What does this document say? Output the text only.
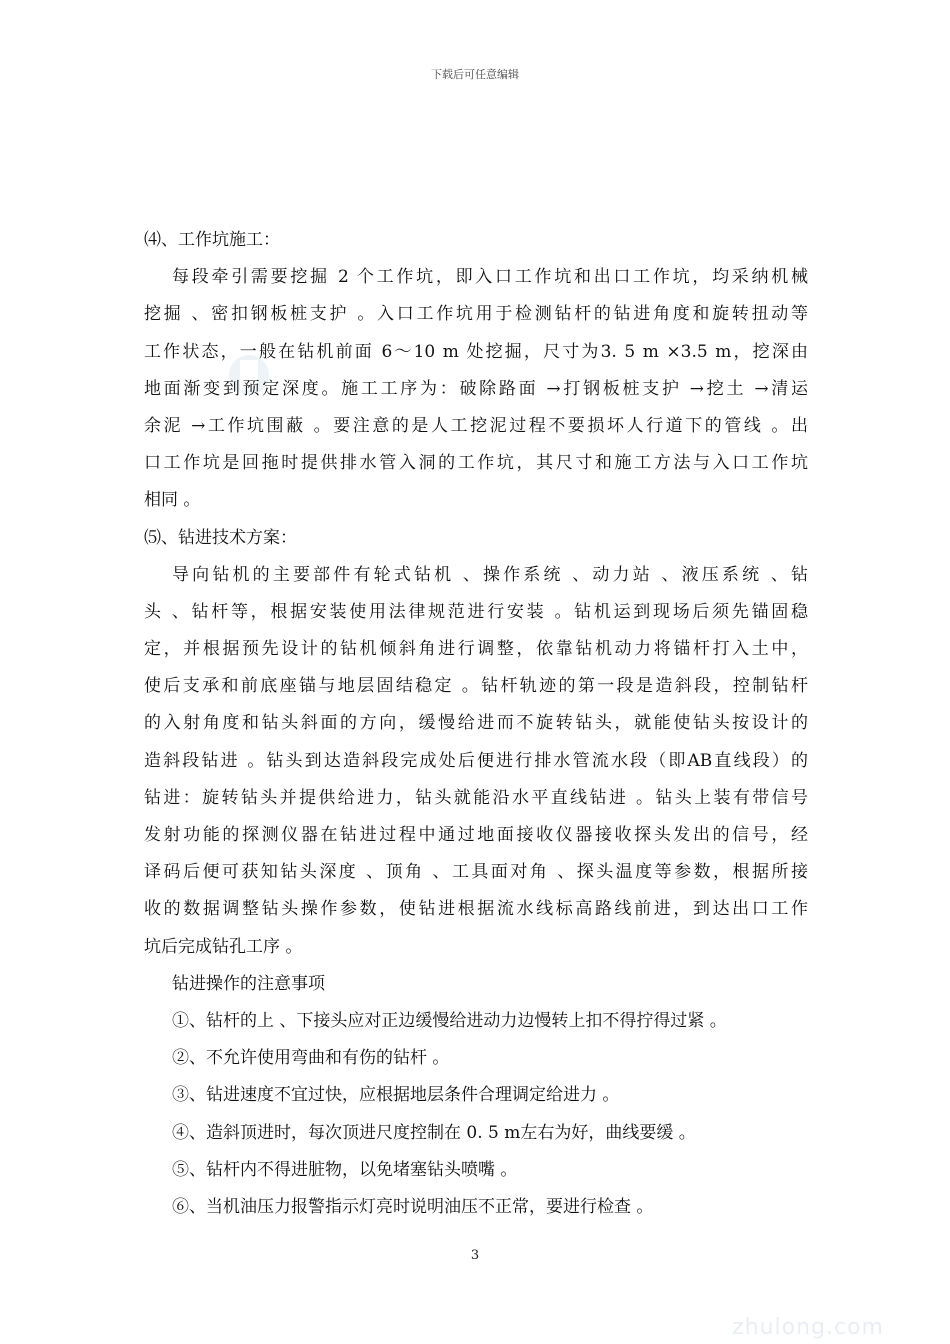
下载后可任意编辑
⑷、工作坑施工：
每段牵引需要挖掘 2 个工作坑，即入口工作坑和出口工作坑，均采纳机械
挖掘 、密扣钢板桩支护 。入口工作坑用于检测钻杆的钻进角度和旋转扭动等
工作状态，一般在钻机前面 6～10 m 处挖掘，尺寸为3. 5 m ×3.5 m，挖深由
地面渐变到预定深度。施工工序为：破除路面 →打钢板桩支护 →挖土 →清运
余泥 →工作坑围蔽 。要注意的是人工挖泥过程不要损坏人行道下的管线 。出
口工作坑是回拖时提供排水管入洞的工作坑，其尺寸和施工方法与入口工作坑
相同 。
⑸、钻进技术方案：
导向钻机的主要部件有轮式钻机 、操作系统 、动力站 、液压系统 、钻
头 、钻杆等，根据安装使用法律规范进行安装 。钻机运到现场后须先锚固稳
定，并根据预先设计的钻机倾斜角进行调整，依靠钻机动力将锚杆打入土中，
使后支承和前底座锚与地层固结稳定 。钻杆轨迹的第一段是造斜段，控制钻杆
的入射角度和钻头斜面的方向，缓慢给进而不旋转钻头，就能使钻头按设计的
造斜段钻进 。钻头到达造斜段完成处后便进行排水管流水段（即AB直线段）的
钻进：旋转钻头并提供给进力，钻头就能沿水平直线钻进 。钻头上装有带信号
发射功能的探测仪器在钻进过程中通过地面接收仪器接收探头发出的信号，经
译码后便可获知钻头深度 、顶角 、工具面对角 、探头温度等参数，根据所接
收的数据调整钻头操作参数，使钻进根据流水线标高路线前进，到达出口工作
坑后完成钻孔工序 。
钻进操作的注意事项
①、钻杆的上 、下接头应对正边缓慢给进动力边慢转上扣不得拧得过紧 。
②、不允许使用弯曲和有伤的钻杆 。
③、钻进速度不宜过快，应根据地层条件合理调定给进力 。
④、造斜顶进时，每次顶进尺度控制在 0. 5 m左右为好，曲线要缓 。
⑤、钻杆内不得进脏物，以免堵塞钻头喷嘴 。
⑥、当机油压力报警指示灯亮时说明油压不正常，要进行检查 。
3
zhulong.com
